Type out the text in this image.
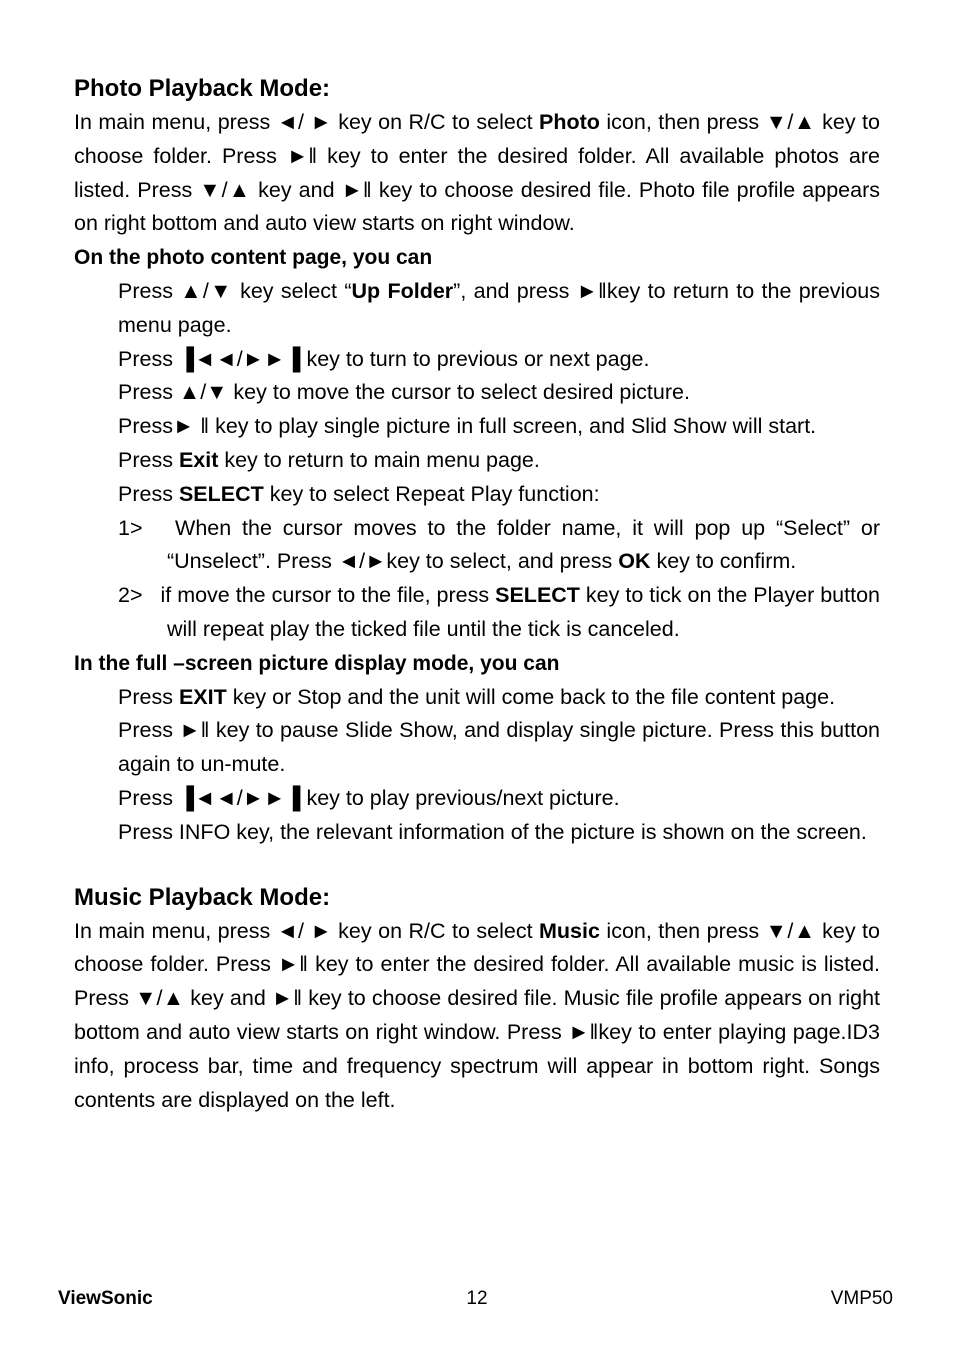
Photo Playback Mode:

In main menu, press ◄/ ► key on R/C to select Photo icon, then press ▼/▲ key to choose folder. Press ►‖ key to enter the desired folder. All available photos are listed. Press ▼/▲ key and ►‖ key to choose desired file. Photo file profile appears on right bottom and auto view starts on right window.

On the photo content page, you can

Press ▲/▼ key select “Up Folder”, and press ►‖key to return to the previous menu page.

Press ▐◄◄/►►▐ key to turn to previous or next page.

Press ▲/▼ key to move the cursor to select desired picture.

Press► ‖ key to play single picture in full screen, and Slid Show will start.

Press Exit key to return to main menu page.

Press SELECT key to select Repeat Play function:

1>   When the cursor moves to the folder name, it will pop up “Select” or “Unselect”. Press ◄/►key to select, and press OK key to confirm.

2>   if move the cursor to the file, press SELECT key to tick on the Player button will repeat play the ticked file until the tick is canceled.

In the full –screen picture display mode, you can

Press EXIT key or Stop and the unit will come back to the file content page.

Press ►‖ key to pause Slide Show, and display single picture. Press this button again to un-mute.

Press ▐◄◄/►►▐ key to play previous/next picture.

Press INFO key, the relevant information of the picture is shown on the screen.

Music Playback Mode:

In main menu, press ◄/ ► key on R/C to select Music icon, then press ▼/▲ key to choose folder. Press ►‖ key to enter the desired folder. All available music is listed. Press ▼/▲ key and ►‖ key to choose desired file. Music file profile appears on right bottom and auto view starts on right window. Press ►‖key to enter playing page.ID3 info, process bar, time and frequency spectrum will appear in bottom right. Songs contents are displayed on the left.

ViewSonic	12	VMP50
